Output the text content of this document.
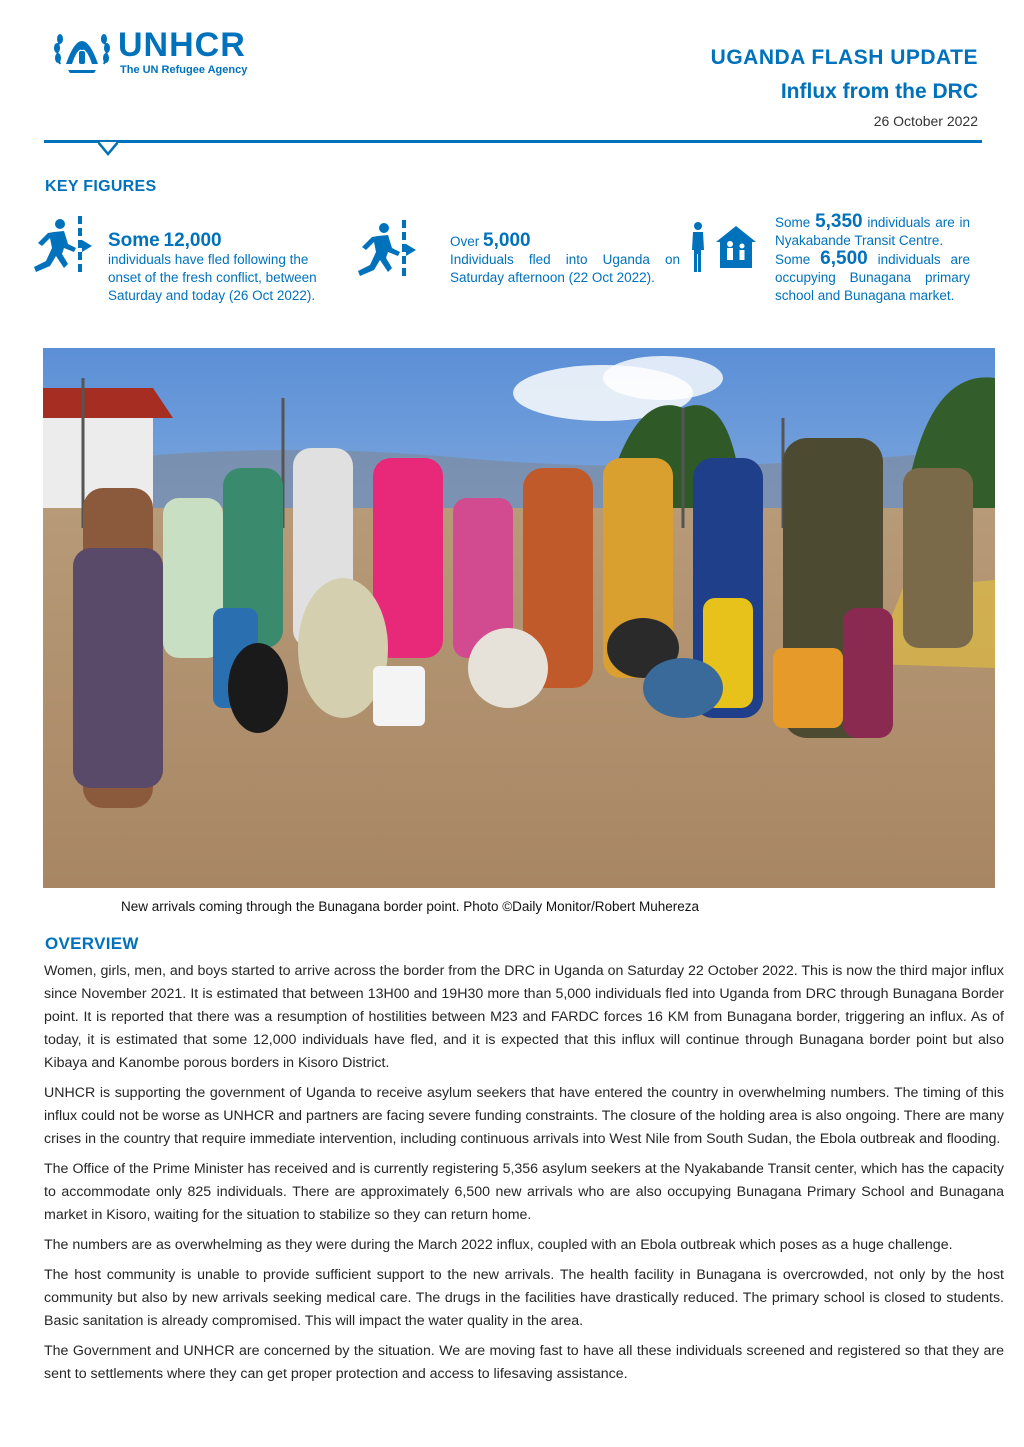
UNHCR
The UN Refugee Agency
UGANDA FLASH UPDATE
Influx from the DRC
26 October 2022
KEY FIGURES
Some 12,000
individuals have fled following the onset of the fresh conflict, between Saturday and today (26 Oct 2022).
Over 5,000
Individuals fled into Uganda on Saturday afternoon (22 Oct 2022).
Some 5,350 individuals are in Nyakabande Transit Centre.
Some 6,500 individuals are occupying Bunagana primary school and Bunagana market.
New arrivals coming through the Bunagana border point. Photo ©Daily Monitor/Robert Muhereza
OVERVIEW

Women, girls, men, and boys started to arrive across the border from the DRC in Uganda on Saturday 22 October 2022. This is now the third major influx since November 2021. It is estimated that between 13H00 and 19H30 more than 5,000 individuals fled into Uganda from DRC through Bunagana Border point. It is reported that there was a resumption of hostilities between M23 and FARDC forces 16 KM from Bunagana border, triggering an influx. As of today, it is estimated that some 12,000 individuals have fled, and it is expected that this influx will continue through Bunagana border point but also Kibaya and Kanombe porous borders in Kisoro District.

UNHCR is supporting the government of Uganda to receive asylum seekers that have entered the country in overwhelming numbers. The timing of this influx could not be worse as UNHCR and partners are facing severe funding constraints. The closure of the holding area is also ongoing. There are many crises in the country that require immediate intervention, including continuous arrivals into West Nile from South Sudan, the Ebola outbreak and flooding.

The Office of the Prime Minister has received and is currently registering 5,356 asylum seekers at the Nyakabande Transit center, which has the capacity to accommodate only 825 individuals. There are approximately 6,500 new arrivals who are also occupying Bunagana Primary School and Bunagana market in Kisoro, waiting for the situation to stabilize so they can return home.

The numbers are as overwhelming as they were during the March 2022 influx, coupled with an Ebola outbreak which poses as a huge challenge.

The host community is unable to provide sufficient support to the new arrivals. The health facility in Bunagana is overcrowded, not only by the host community but also by new arrivals seeking medical care. The drugs in the facilities have drastically reduced. The primary school is closed to students. Basic sanitation is already compromised. This will impact the water quality in the area.

The Government and UNHCR are concerned by the situation. We are moving fast to have all these individuals screened and registered so that they are sent to settlements where they can get proper protection and access to lifesaving assistance.
